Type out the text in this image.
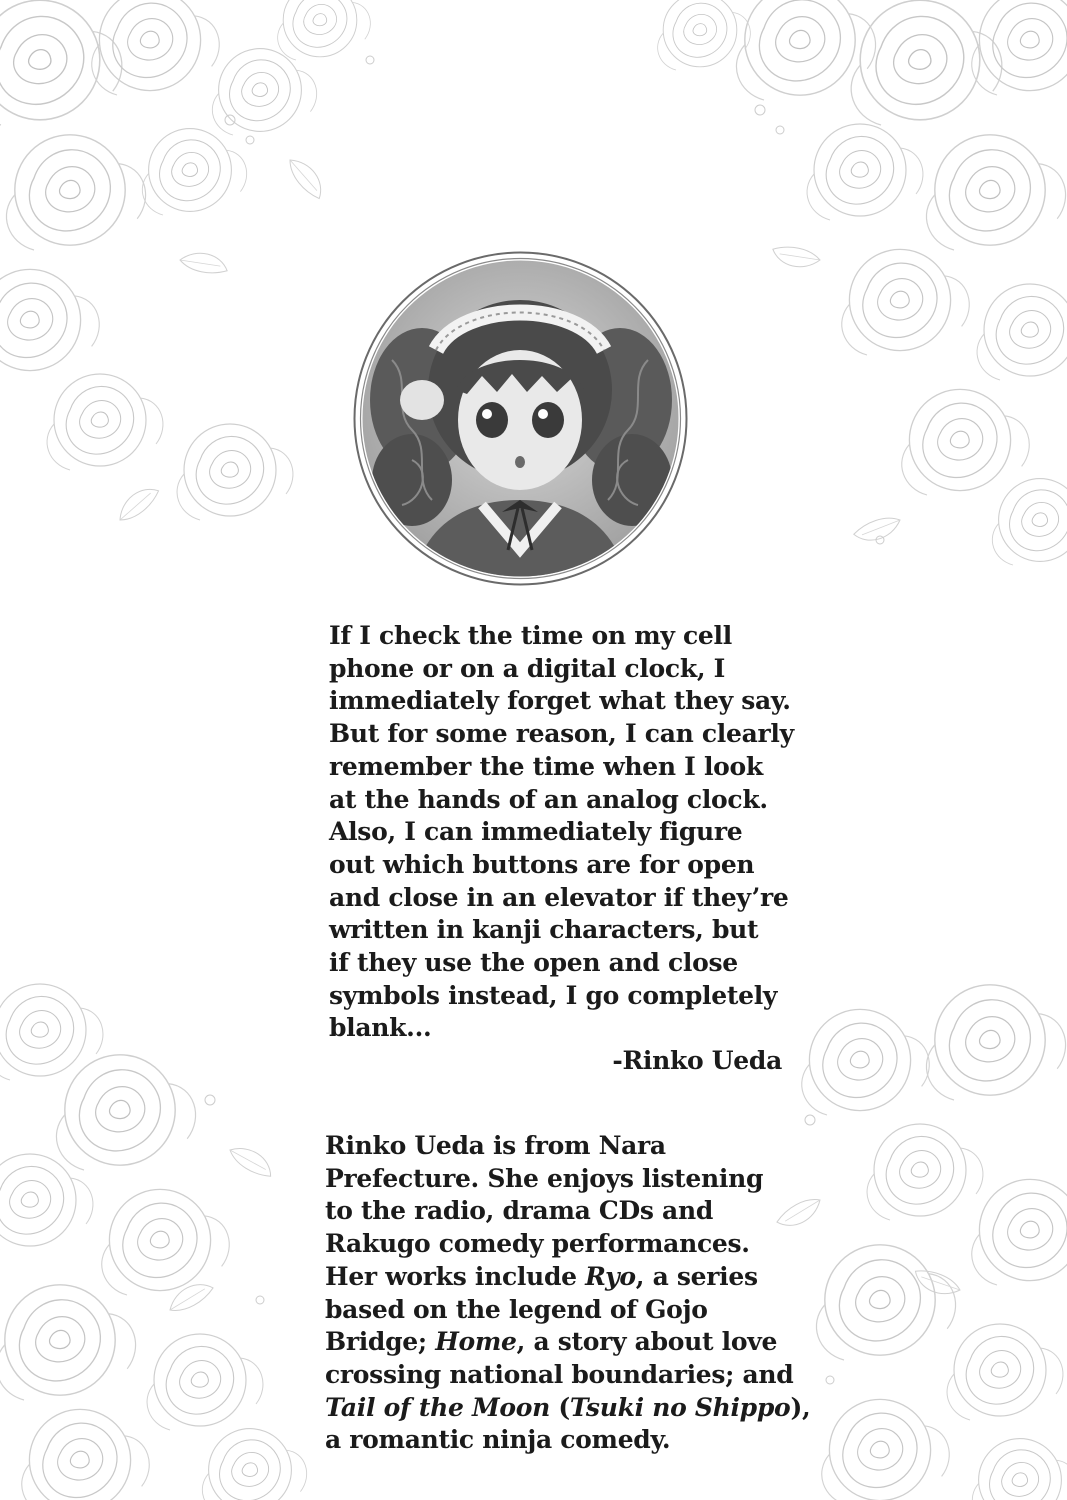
If I check the time on my cell
phone or on a digital clock, I
immediately forget what they say.
But for some reason, I can clearly
remember the time when I look
at the hands of an analog clock.
Also, I can immediately figure
out which buttons are for open
and close in an elevator if they’re
written in kanji characters, but
if they use the open and close
symbols instead, I go completely
blank...
-Rinko Ueda
Rinko Ueda is from Nara
Prefecture. She enjoys listening
to the radio, drama CDs and
Rakugo comedy performances.
Her works include Ryo, a series
based on the legend of Gojo
Bridge; Home, a story about love
crossing national boundaries; and
Tail of the Moon (Tsuki no Shippo),
a romantic ninja comedy.
